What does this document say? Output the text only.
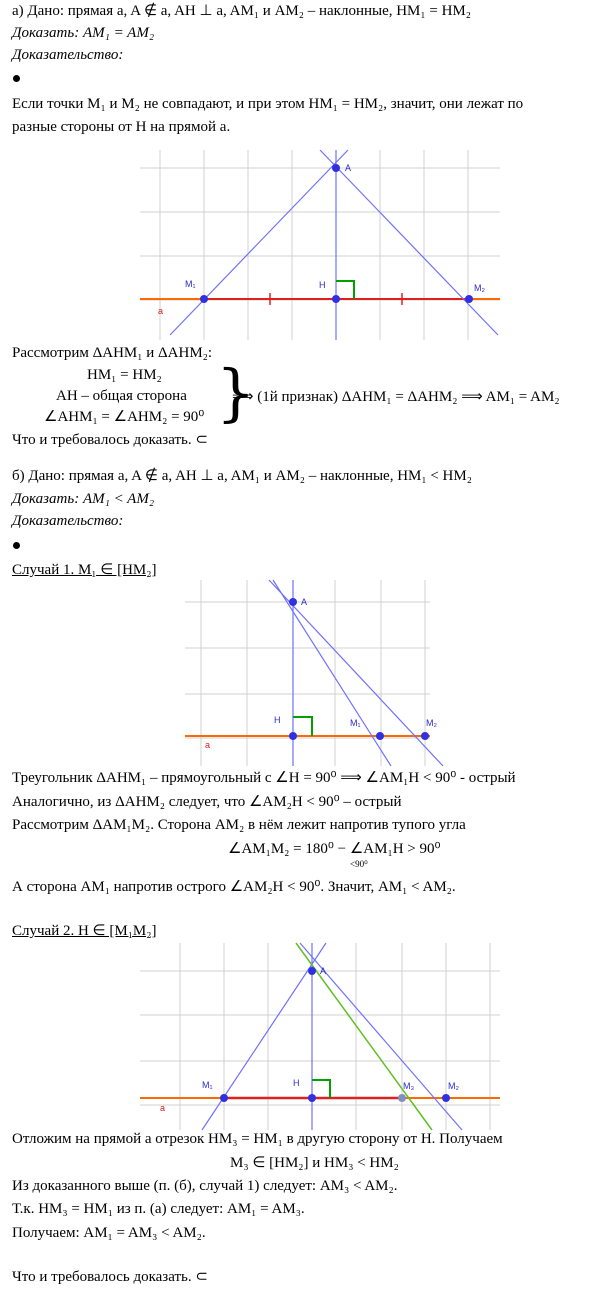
а) Дано: прямая a, A ∉ a, AH ⊥ a, AM₁ и AM₂ – наклонные, HM₁ = HM₂
Доказать: AM₁ = AM₂
Доказательство:
Если точки M₁ и M₂ не совпадают, и при этом HM₁ = HM₂, значит, они лежат по
разные стороны от H на прямой a.
A
M₁	H	M₂
a
Рассмотрим ΔAHM₁ и ΔAHM₂:
HM₁ = HM₂
AH – общая сторона
∠AHM₁ = ∠AHM₂ = 90⁰ }
⟹ (1й признак) ΔAHM₁ = ΔAHM₂ ⟹ AM₁ = AM₂
Что и требовалось доказать. ⊂
б) Дано: прямая a, A ∉ a, AH ⊥ a, AM₁ и AM₂ – наклонные, HM₁ < HM₂
Доказать: AM₁ < AM₂
Доказательство:
Случай 1. M₁ ∈ [HM₂]
A
H	M₁	M₂
a
Треугольник ΔAHM₁ – прямоугольный с ∠H = 90⁰ ⟹ ∠AM₁H < 90⁰ - острый
Аналогично, из ΔAHM₂ следует, что ∠AM₂H < 90⁰ – острый
Рассмотрим ΔAM₁M₂. Сторона AM₂ в нём лежит напротив тупого угла
∠AM₁M₂ = 180⁰ − ∠AM₁H > 90⁰
<90⁰
А сторона AM₁ напротив острого ∠AM₂H < 90⁰. Значит, AM₁ < AM₂.
Случай 2. H ∈ [M₁M₂]
A
M₁	H	M₃	M₂
a
Отложим на прямой a отрезок HM₃ = HM₁ в другую сторону от H. Получаем
M₃ ∈ [HM₂] и HM₃ < HM₂
Из доказанного выше (п. (б), случай 1) следует: AM₃ < AM₂.
Т.к. HM₃ = HM₁ из п. (а) следует: AM₁ = AM₃.
Получаем: AM₁ = AM₃ < AM₂.
Что и требовалось доказать. ⊂
